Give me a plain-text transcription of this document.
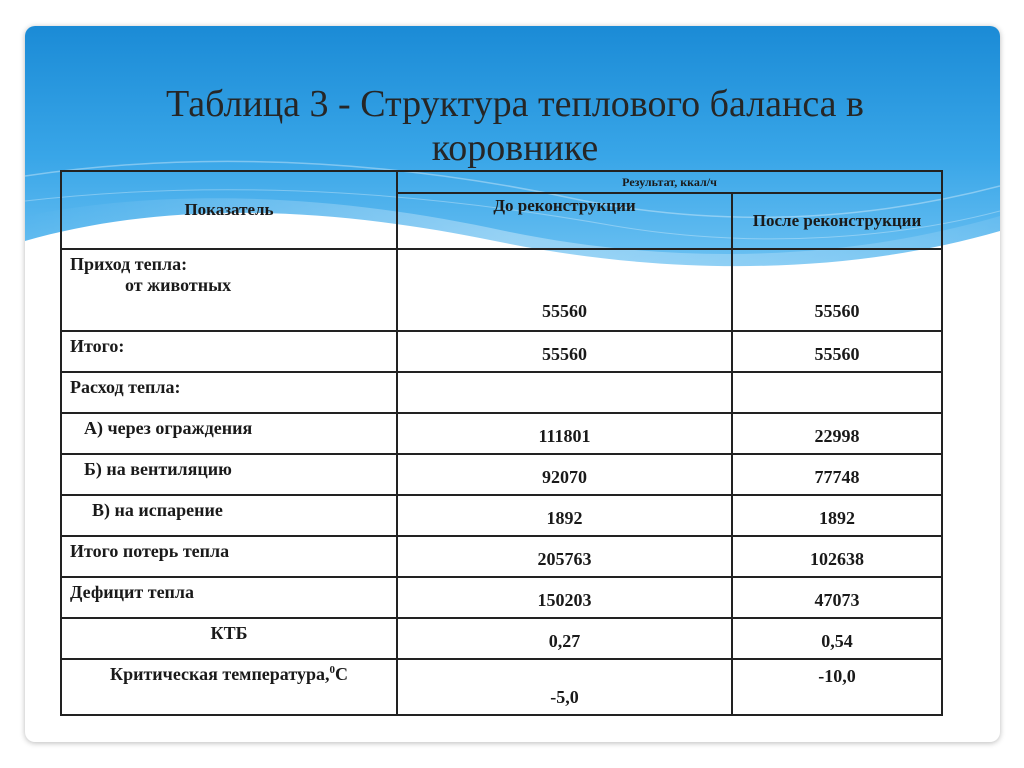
Таблица 3 - Структура теплового баланса в коровнике
Показатель	Результат, ккал/ч	
	До реконструкции	После реконструкции

Приход тепла:
от животных	55560	55560
Итого:	55560	55560
Расход тепла:		
А) через ограждения	111801	22998
Б) на вентиляцию	92070	77748
В) на испарение	1892	1892
Итого потерь тепла	205763	102638
Дефицит тепла	150203	47073
КТБ	0,27	0,54
Критическая температура,$^0$С	-5,0	-10,0
